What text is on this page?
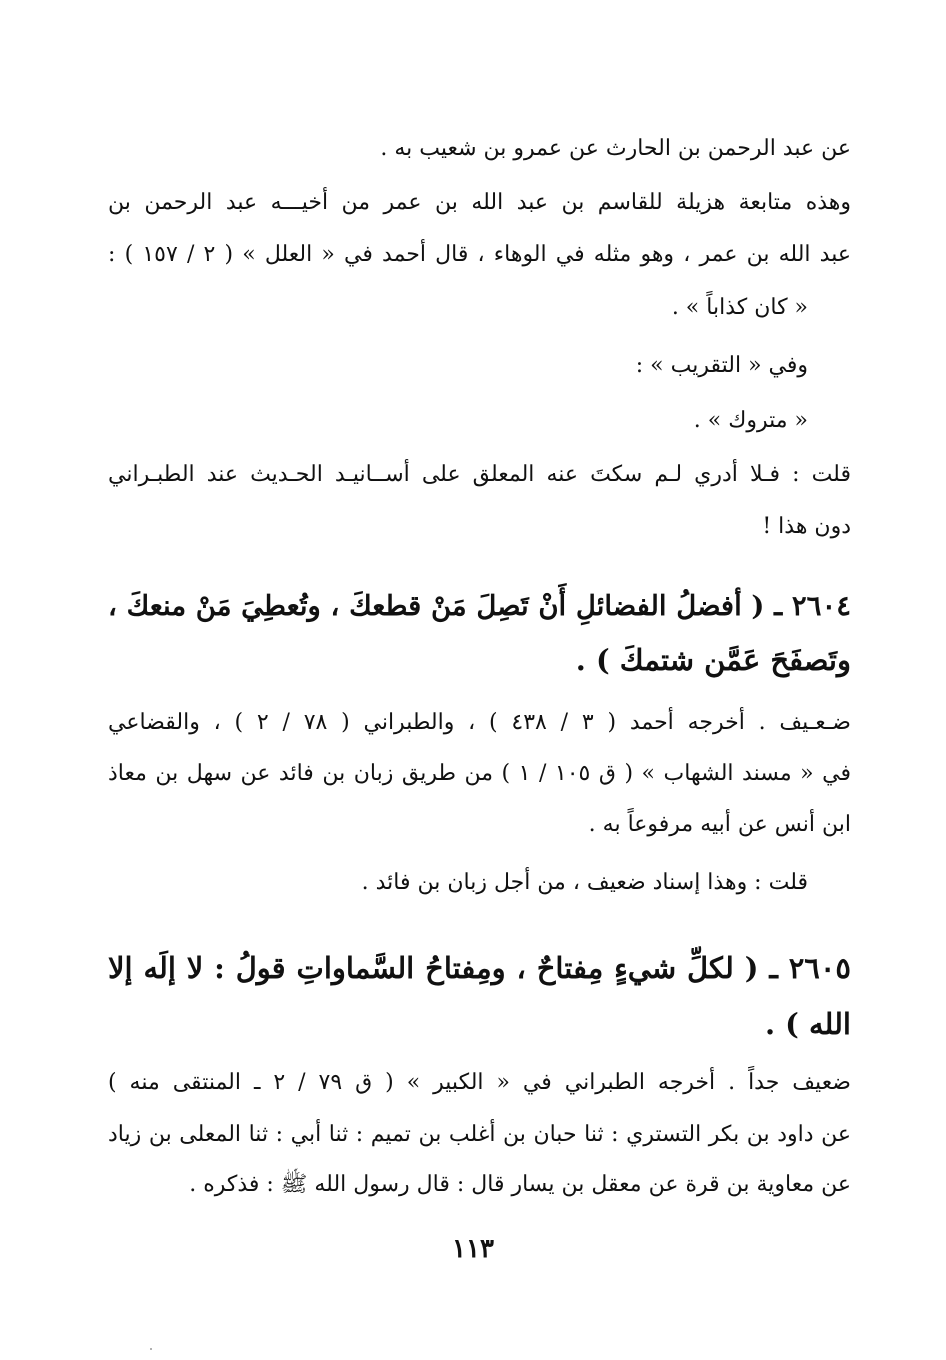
عن عبد الرحمن بن الحارث عن عمرو بن شعيب به .
وهذه متابعة هزيلة للقاسم بن عبد الله بن عمر من أخيـــه عبد الرحمن بن
عبد الله بن عمر ، وهو مثله في الوهاء ، قال أحمد في « العلل » ( ٢ / ١٥٧ ) :
« كان كذاباً » .
وفي « التقريب » :
« متروك » .
قلت : فـلا أدري لـم سكتَ عنه المعلق على أســانيـد الحـديث عند الطبـراني
دون هذا !
٢٦٠٤ ـ ( أفضلُ الفضائلِ أَنْ تَصِلَ مَنْ قطعكَ ، وتُعطِيَ مَنْ منعكَ ،
وتَصفَحَ عَمَّن شتمكَ ) .
ضـعـيف . أخرجه أحمد ( ٣ / ٤٣٨ ) ، والطبراني ( ٧٨ / ٢ ) ، والقضاعي
في « مسند الشهاب » ( ق ١٠٥ / ١ ) من طريق زبان بن فائد عن سهل بن معاذ
ابن أنس عن أبيه مرفوعاً به .
قلت : وهذا إسناد ضعيف ، من أجل زبان بن فائد .
٢٦٠٥ ـ ( لكلِّ شيءٍ مِفتاحٌ ، ومِفتاحُ السَّماواتِ قولُ : لا إلَه إلا
الله ) .
ضعيف جداً . أخرجه الطبراني في « الكبير » ( ق ٧٩ / ٢ ـ المنتقى منه )
عن داود بن بكر التستري : ثنا حبان بن أغلب بن تميم : ثنا أبي : ثنا المعلى بن زياد
عن معاوية بن قرة عن معقل بن يسار قال : قال رسول الله ﷺ : فذكره .
١١٣
